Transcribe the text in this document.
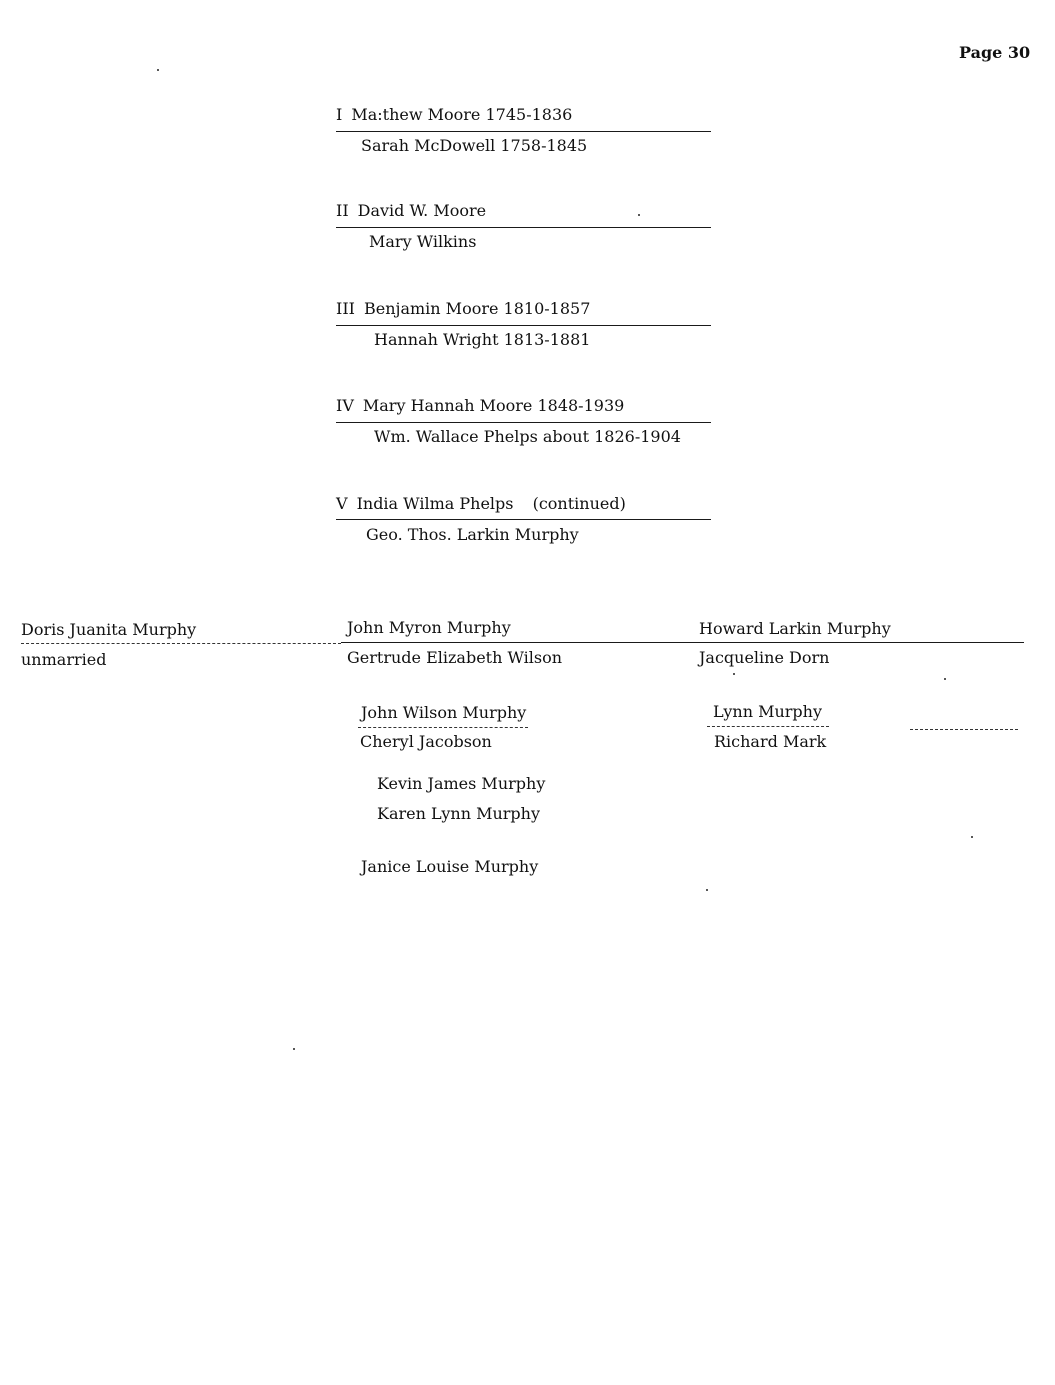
Page 30
I Ma:thew Moore 1745-1836
Sarah McDowell 1758-1845
II David W. Moore
Mary Wilkins
III Benjamin Moore 1810-1857
Hannah Wright 1813-1881
IV Mary Hannah Moore 1848-1939
Wm. Wallace Phelps about 1826-1904
V India Wilma Phelps (continued)
Geo. Thos. Larkin Murphy
Doris Juanita Murphy
unmarried
John Myron Murphy
Gertrude Elizabeth Wilson
Howard Larkin Murphy
Jacqueline Dorn
John Wilson Murphy
Cheryl Jacobson
Kevin James Murphy
Karen Lynn Murphy
Janice Louise Murphy
Lynn Murphy
Richard Mark
